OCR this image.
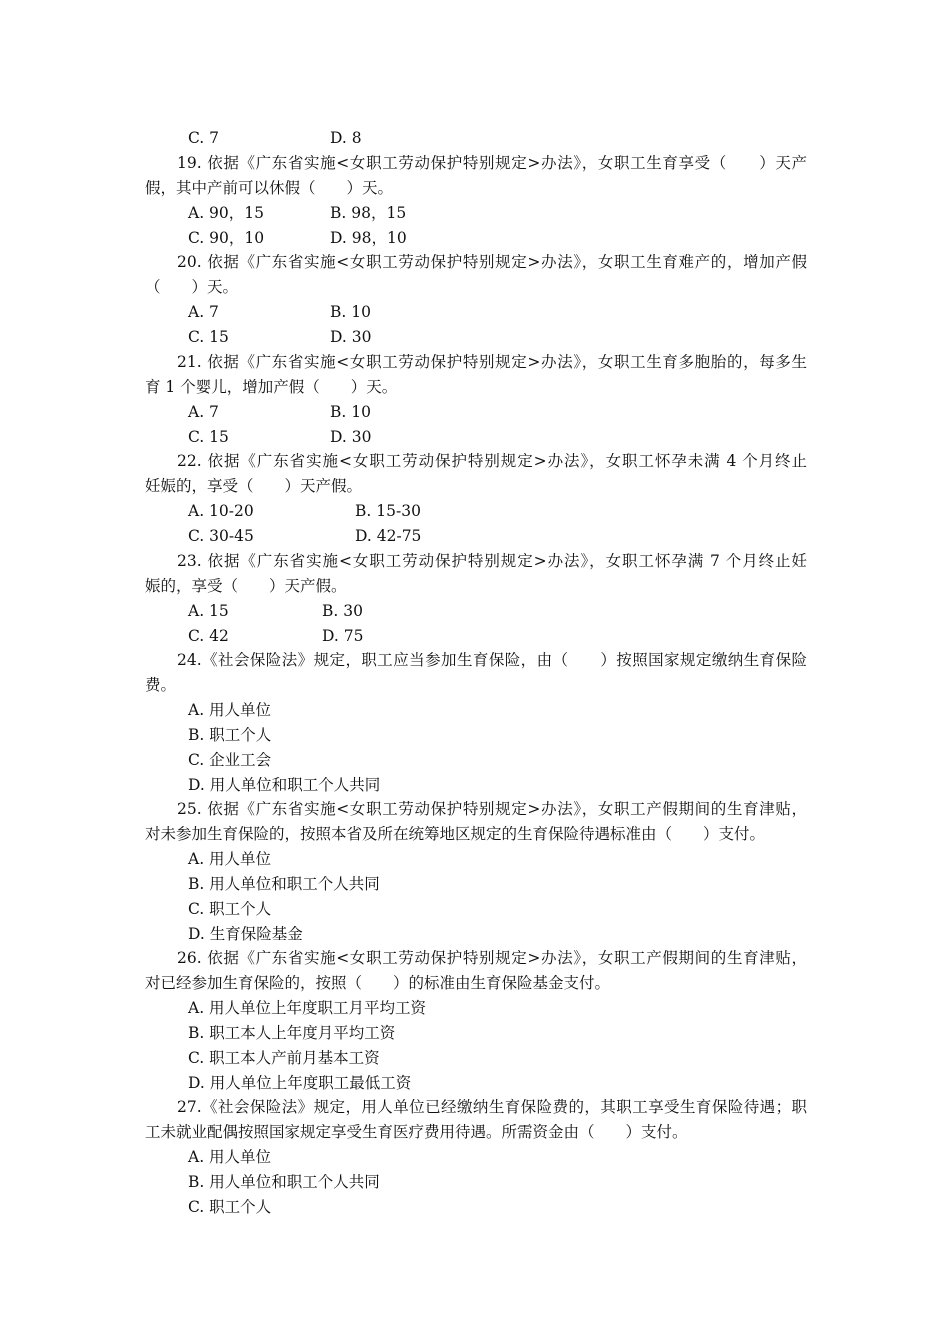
C. 7	D. 8
19. 依据《广东省实施<女职工劳动保护特别规定>办法》，女职工生育享受（　　）天产
假，其中产前可以休假（　　）天。
A. 90，15	B. 98，15
C. 90，10	D. 98，10
20. 依据《广东省实施<女职工劳动保护特别规定>办法》，女职工生育难产的，增加产假
（　　）天。
A. 7	B. 10
C. 15	D. 30
21. 依据《广东省实施<女职工劳动保护特别规定>办法》，女职工生育多胞胎的，每多生
育 1 个婴儿，增加产假（　　）天。
A. 7	B. 10
C. 15	D. 30
22. 依据《广东省实施<女职工劳动保护特别规定>办法》，女职工怀孕未满 4 个月终止
妊娠的，享受（　　）天产假。
A. 10-20	B. 15-30
C. 30-45	D. 42-75
23. 依据《广东省实施<女职工劳动保护特别规定>办法》，女职工怀孕满 7 个月终止妊
娠的，享受（　　）天产假。
A. 15	B. 30
C. 42	D. 75
24.《社会保险法》规定，职工应当参加生育保险，由（　　）按照国家规定缴纳生育保险
费。
A. 用人单位
B. 职工个人
C. 企业工会
D. 用人单位和职工个人共同
25. 依据《广东省实施<女职工劳动保护特别规定>办法》，女职工产假期间的生育津贴，
对未参加生育保险的，按照本省及所在统筹地区规定的生育保险待遇标准由（　　）支付。
A. 用人单位
B. 用人单位和职工个人共同
C. 职工个人
D. 生育保险基金
26. 依据《广东省实施<女职工劳动保护特别规定>办法》，女职工产假期间的生育津贴，
对已经参加生育保险的，按照（　　）的标准由生育保险基金支付。
A. 用人单位上年度职工月平均工资
B. 职工本人上年度月平均工资
C. 职工本人产前月基本工资
D. 用人单位上年度职工最低工资
27.《社会保险法》规定，用人单位已经缴纳生育保险费的，其职工享受生育保险待遇；职
工未就业配偶按照国家规定享受生育医疗费用待遇。所需资金由（　　）支付。
A. 用人单位
B. 用人单位和职工个人共同
C. 职工个人
